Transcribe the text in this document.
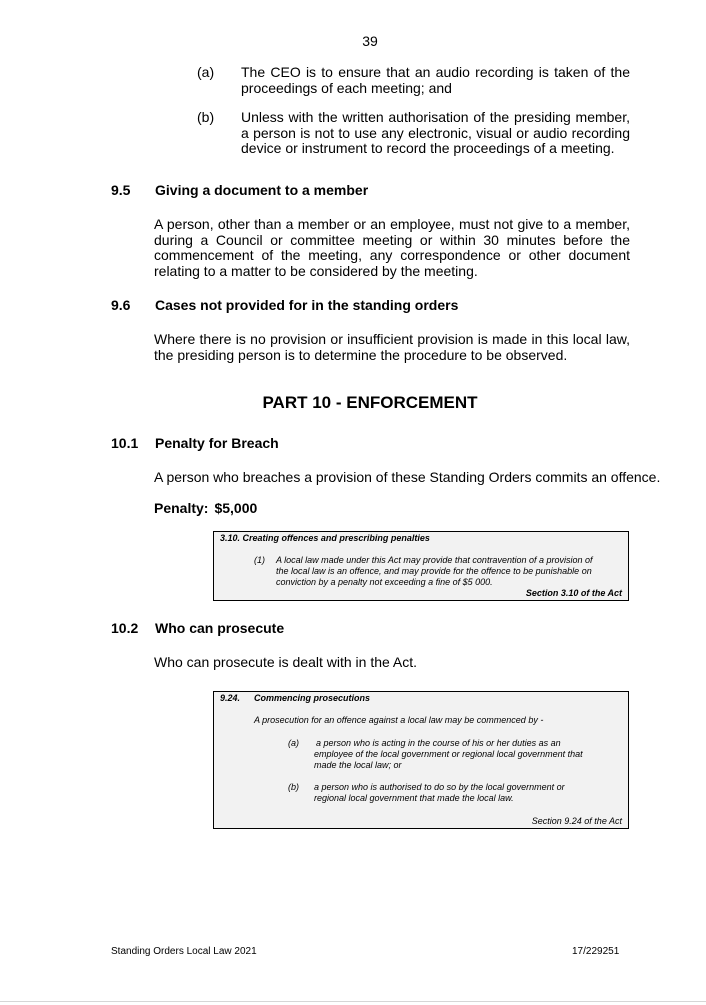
39
(a) The CEO is to ensure that an audio recording is taken of the proceedings of each meeting; and
(b) Unless with the written authorisation of the presiding member, a person is not to use any electronic, visual or audio recording device or instrument to record the proceedings of a meeting.
9.5 Giving a document to a member
A person, other than a member or an employee, must not give to a member, during a Council or committee meeting or within 30 minutes before the commencement of the meeting, any correspondence or other document relating to a matter to be considered by the meeting.
9.6 Cases not provided for in the standing orders
Where there is no provision or insufficient provision is made in this local law, the presiding person is to determine the procedure to be observed.
PART 10 - ENFORCEMENT
10.1 Penalty for Breach
A person who breaches a provision of these Standing Orders commits an offence.
Penalty: $5,000
3.10. Creating offences and prescribing penalties
(1) A local law made under this Act may provide that contravention of a provision of
the local law is an offence, and may provide for the offence to be punishable on
conviction by a penalty not exceeding a fine of $5 000.
Section 3.10 of the Act
10.2 Who can prosecute
Who can prosecute is dealt with in the Act.
9.24. Commencing prosecutions
A prosecution for an offence against a local law may be commenced by -
(a) a person who is acting in the course of his or her duties as an
employee of the local government or regional local government that
made the local law; or
(b) a person who is authorised to do so by the local government or
regional local government that made the local law.
Section 9.24 of the Act
Standing Orders Local Law 2021	17/229251
